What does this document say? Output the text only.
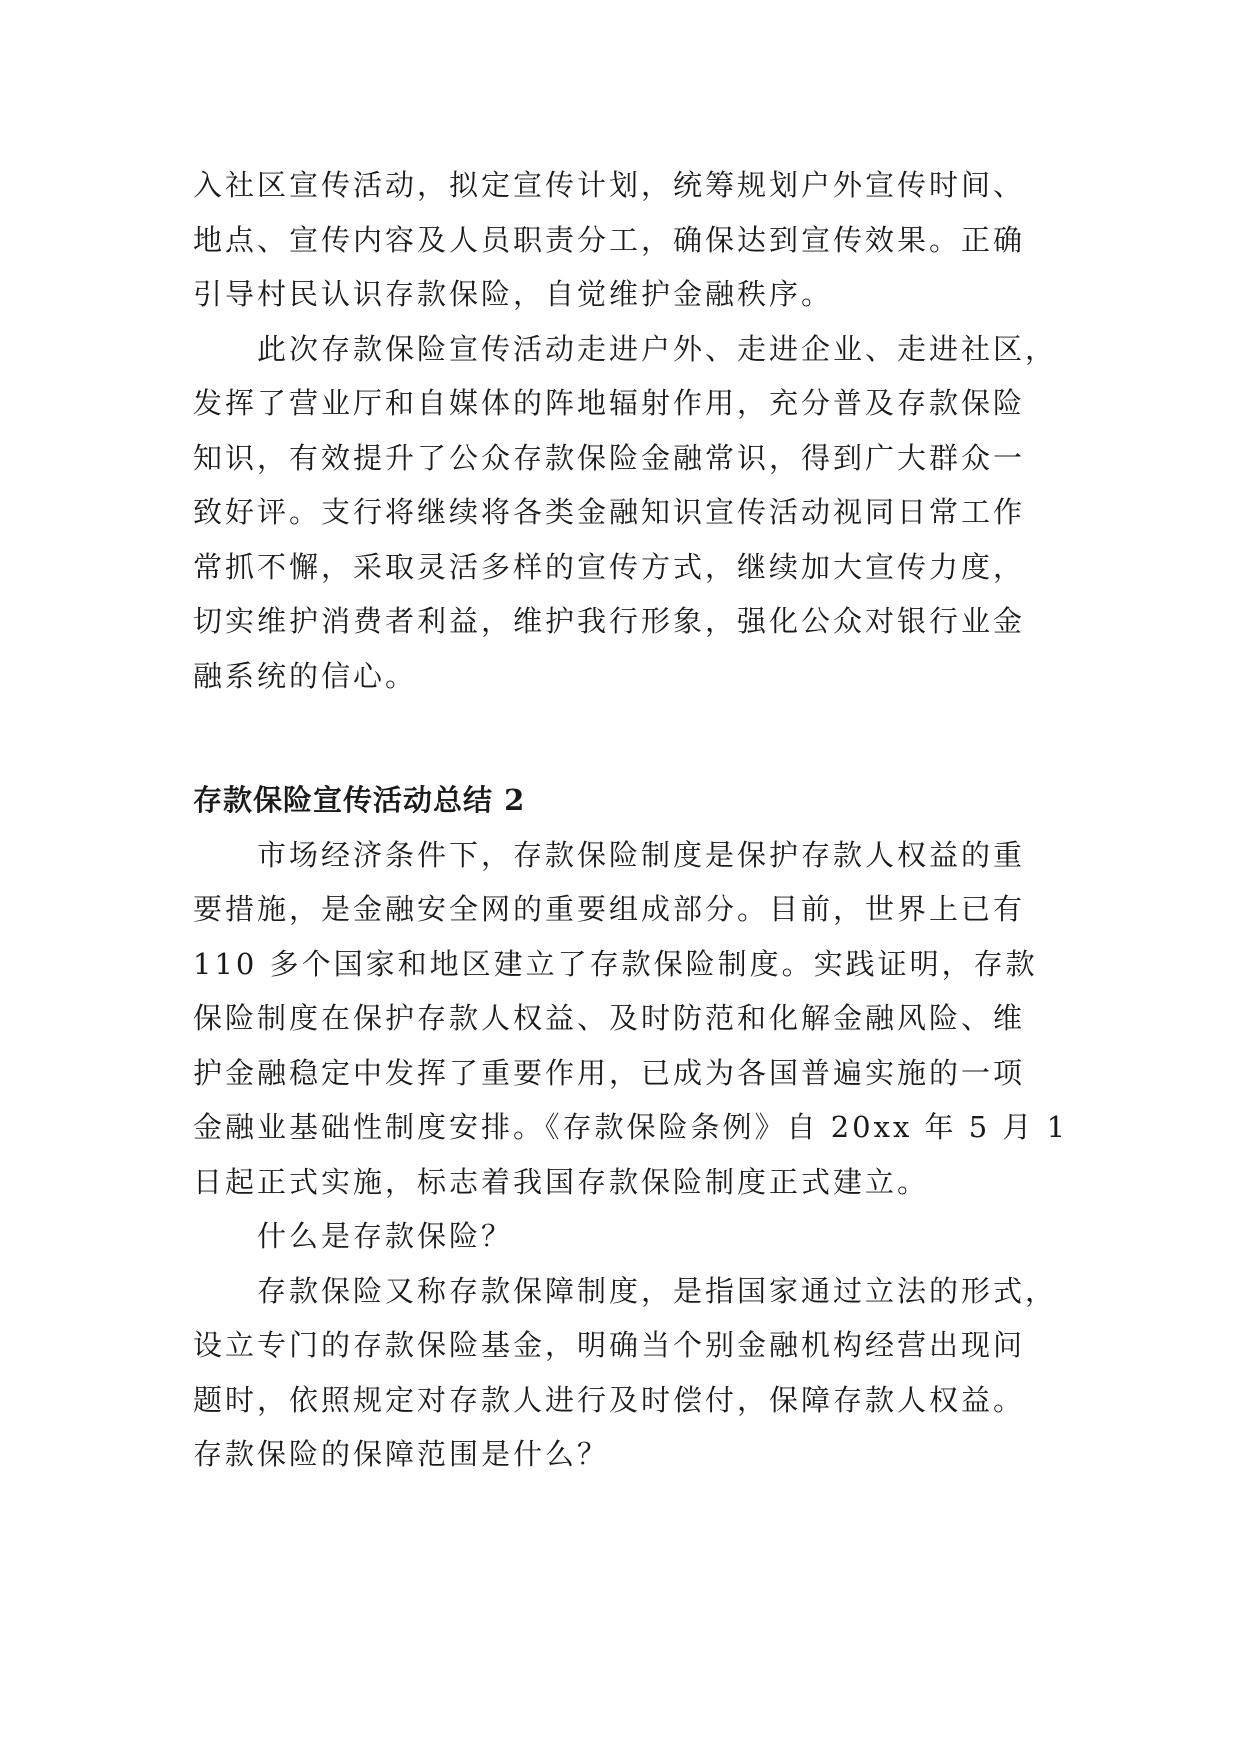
入社区宣传活动，拟定宣传计划，统筹规划户外宣传时间、

地点、宣传内容及人员职责分工，确保达到宣传效果。正确

引导村民认识存款保险，自觉维护金融秩序。

此次存款保险宣传活动走进户外、走进企业、走进社区，

发挥了营业厅和自媒体的阵地辐射作用，充分普及存款保险

知识，有效提升了公众存款保险金融常识，得到广大群众一

致好评。支行将继续将各类金融知识宣传活动视同日常工作

常抓不懈，采取灵活多样的宣传方式，继续加大宣传力度，

切实维护消费者利益，维护我行形象，强化公众对银行业金

融系统的信心。

存款保险宣传活动总结 2

市场经济条件下，存款保险制度是保护存款人权益的重

要措施，是金融安全网的重要组成部分。目前，世界上已有

110 多个国家和地区建立了存款保险制度。实践证明，存款

保险制度在保护存款人权益、及时防范和化解金融风险、维

护金融稳定中发挥了重要作用，已成为各国普遍实施的一项

金融业基础性制度安排。《存款保险条例》自 20xx 年 5 月 1

日起正式实施，标志着我国存款保险制度正式建立。

什么是存款保险？

存款保险又称存款保障制度，是指国家通过立法的形式，

设立专门的存款保险基金，明确当个别金融机构经营出现问

题时，依照规定对存款人进行及时偿付，保障存款人权益。

存款保险的保障范围是什么？
